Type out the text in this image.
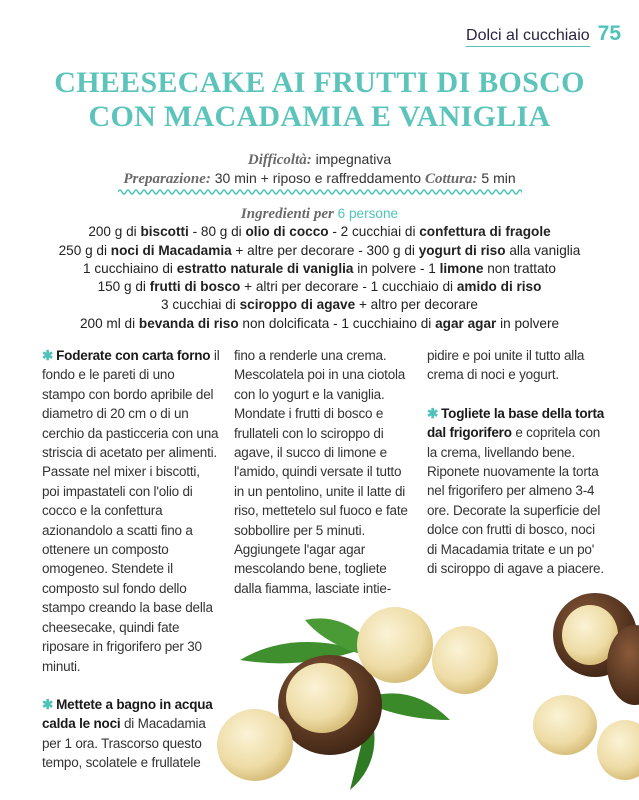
Dolci al cucchiaio 75
CHEESECAKE AI FRUTTI DI BOSCO
CON MACADAMIA E VANIGLIA
Difficoltà: impegnativa
Preparazione: 30 min + riposo e raffreddamento Cottura: 5 min
Ingredienti per 6 persone
200 g di biscotti - 80 g di olio di cocco - 2 cucchiai di confettura di fragole
250 g di noci di Macadamia + altre per decorare - 300 g di yogurt di riso alla vaniglia
1 cucchiaino di estratto naturale di vaniglia in polvere - 1 limone non trattato
150 g di frutti di bosco + altri per decorare - 1 cucchiaio di amido di riso
3 cucchiai di sciroppo di agave + altro per decorare
200 ml di bevanda di riso non dolcificata - 1 cucchiaino di agar agar in polvere

✱ Foderate con carta forno il fondo e le pareti di uno stampo con bordo apribile del diametro di 20 cm o di un cerchio da pasticceria con una striscia di acetato per alimenti. Passate nel mixer i biscotti, poi impastateli con l'olio di cocco e la confettura azionandolo a scatti fino a ottenere un composto omogeneo. Stendete il composto sul fondo dello stampo creando la base della cheesecake, quindi fate riposare in frigorifero per 30 minuti.

✱ Mettete a bagno in acqua calda le noci di Macadamia per 1 ora. Trascorso questo tempo, scolatele e frullatele

fino a renderle una crema. Mescolatela poi in una ciotola con lo yogurt e la vaniglia. Mondate i frutti di bosco e frullateli con lo sciroppo di agave, il succo di limone e l'amido, quindi versate il tutto in un pentolino, unite il latte di riso, mettetelo sul fuoco e fate sobbollire per 5 minuti. Aggiungete l'agar agar mescolando bene, togliete dalla fiamma, lasciate intie-

pidire e poi unite il tutto alla crema di noci e yogurt.

✱ Togliete la base della torta dal frigorifero e copritela con la crema, livellando bene. Riponete nuovamente la torta nel frigorifero per almeno 3-4 ore. Decorate la superficie del dolce con frutti di bosco, noci di Macadamia tritate e un po' di sciroppo di agave a piacere.
